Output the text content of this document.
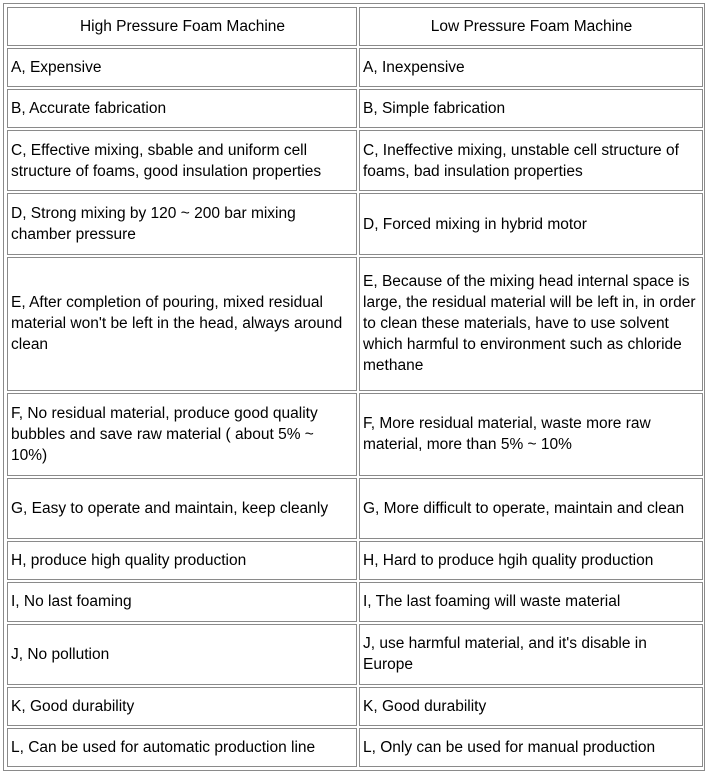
High Pressure Foam Machine	Low Pressure Foam Machine
A, Expensive	A, Inexpensive
B, Accurate fabrication	B, Simple fabrication
C, Effective mixing, sbable and uniform cell structure of foams, good insulation properties	C, Ineffective mixing, unstable cell structure of foams, bad insulation properties
D, Strong mixing by 120 ~ 200 bar mixing chamber pressure	D, Forced mixing in hybrid motor
E, After completion of pouring, mixed residual material won't be left in the head, always around clean	E, Because of the mixing head internal space is large, the residual material will be left in, in order to clean these materials, have to use solvent which harmful to environment such as chloride methane
F, No residual material, produce good quality bubbles and save raw material ( about 5% ~ 10%)	F, More residual material, waste more raw material, more than 5% ~ 10%
G, Easy to operate and maintain, keep cleanly	G, More difficult to operate, maintain and clean
H, produce high quality production	H, Hard to produce hgih quality production
I, No last foaming	I, The last foaming will waste material
J, No pollution	J, use harmful material, and it's disable in Europe
K, Good durability	K, Good durability
L, Can be used for automatic production line	L, Only can be used for manual production
